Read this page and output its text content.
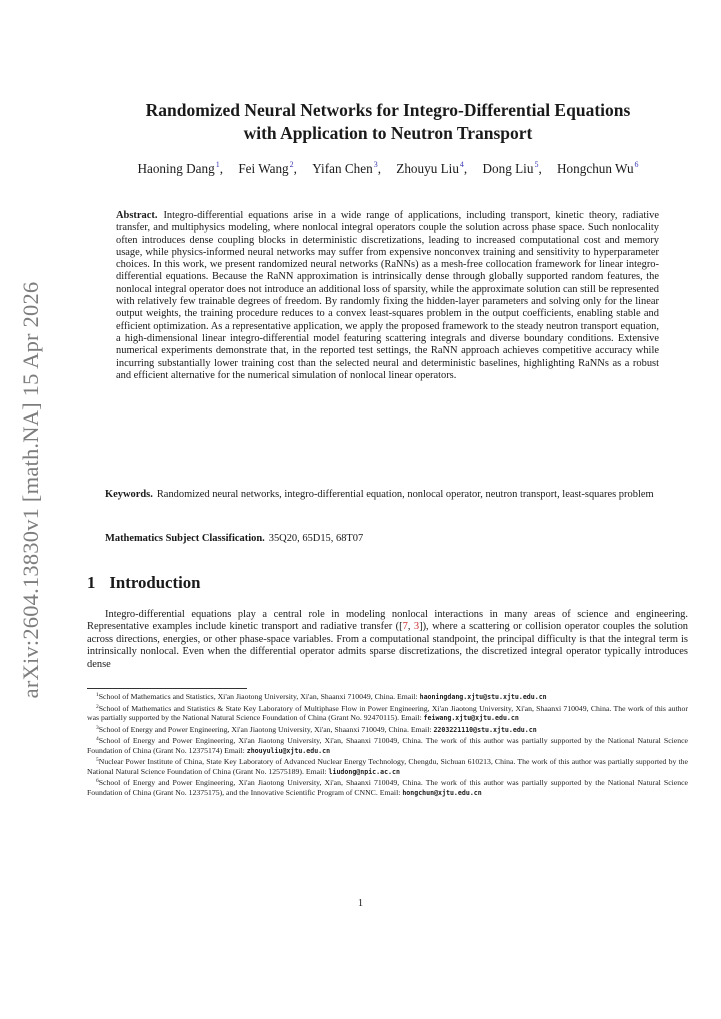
arXiv:2604.13830v1 [math.NA] 15 Apr 2026
Randomized Neural Networks for Integro-Differential Equations
with Application to Neutron Transport
Haoning Dang$^1$, Fei Wang$^2$, Yifan Chen$^3$, Zhouyu Liu$^4$, Dong Liu$^5$, Hongchun Wu$^6$
Abstract. Integro-differential equations arise in a wide range of applications, including transport, kinetic theory, radiative transfer, and multiphysics modeling, where nonlocal integral operators couple the solution across phase space. Such nonlocality often introduces dense coupling blocks in deterministic discretizations, leading to increased computational cost and memory usage, while physics-informed neural networks may suffer from expensive nonconvex training and sensitivity to hyperparameter choices. In this work, we present randomized neural networks (RaNNs) as a mesh-free collocation framework for linear integro-differential equations. Because the RaNN approximation is intrinsically dense through globally supported random features, the nonlocal integral operator does not introduce an additional loss of sparsity, while the approximate solution can still be represented with relatively few trainable degrees of freedom. By randomly fixing the hidden-layer parameters and solving only for the linear output weights, the training procedure reduces to a convex least-squares problem in the output coefficients, enabling stable and efficient optimization. As a representative application, we apply the proposed framework to the steady neutron transport equation, a high-dimensional linear integro-differential model featuring scattering integrals and diverse boundary conditions. Extensive numerical experiments demonstrate that, in the reported test settings, the RaNN approach achieves competitive accuracy while incurring substantially lower training cost than the selected neural and deterministic baselines, highlighting RaNNs as a robust and efficient alternative for the numerical simulation of nonlocal linear operators.
Keywords. Randomized neural networks, integro-differential equation, nonlocal operator, neutron transport, least-squares problem
Mathematics Subject Classification. 35Q20, 65D15, 68T07
1 Introduction
Integro-differential equations play a central role in modeling nonlocal interactions in many areas of science and engineering. Representative examples include kinetic transport and radiative transfer ([7, 3]), where a scattering or collision operator couples the solution across directions, energies, or other phase-space variables. From a computational standpoint, the principal difficulty is that the integral term is intrinsically nonlocal. Even when the differential operator admits sparse discretizations, the discretized integral operator typically introduces dense
$^1$School of Mathematics and Statistics, Xi'an Jiaotong University, Xi'an, Shaanxi 710049, China. Email: haoningdang.xjtu@stu.xjtu.edu.cn
$^2$School of Mathematics and Statistics & State Key Laboratory of Multiphase Flow in Power Engineering, Xi'an Jiaotong University, Xi'an, Shaanxi 710049, China. The work of this author was partially supported by the National Natural Science Foundation of China (Grant No. 92470115). Email: feiwang.xjtu@xjtu.edu.cn
$^3$School of Energy and Power Engineering, Xi'an Jiaotong University, Xi'an, Shaanxi 710049, China. Email: 2203221110@stu.xjtu.edu.cn
$^4$School of Energy and Power Engineering, Xi'an Jiaotong University, Xi'an, Shaanxi 710049, China. The work of this author was partially supported by the National Natural Science Foundation of China (Grant No. 12375174) Email: zhouyuliu@xjtu.edu.cn
$^5$Nuclear Power Institute of China, State Key Laboratory of Advanced Nuclear Energy Technology, Chengdu, Sichuan 610213, China. The work of this author was partially supported by the National Natural Science Foundation of China (Grant No. 12575189). Email: liudong@npic.ac.cn
$^6$School of Energy and Power Engineering, Xi'an Jiaotong University, Xi'an, Shaanxi 710049, China. The work of this author was partially supported by the National Natural Science Foundation of China (Grant No. 12375175), and the Innovative Scientific Program of CNNC. Email: hongchun@xjtu.edu.cn
1
